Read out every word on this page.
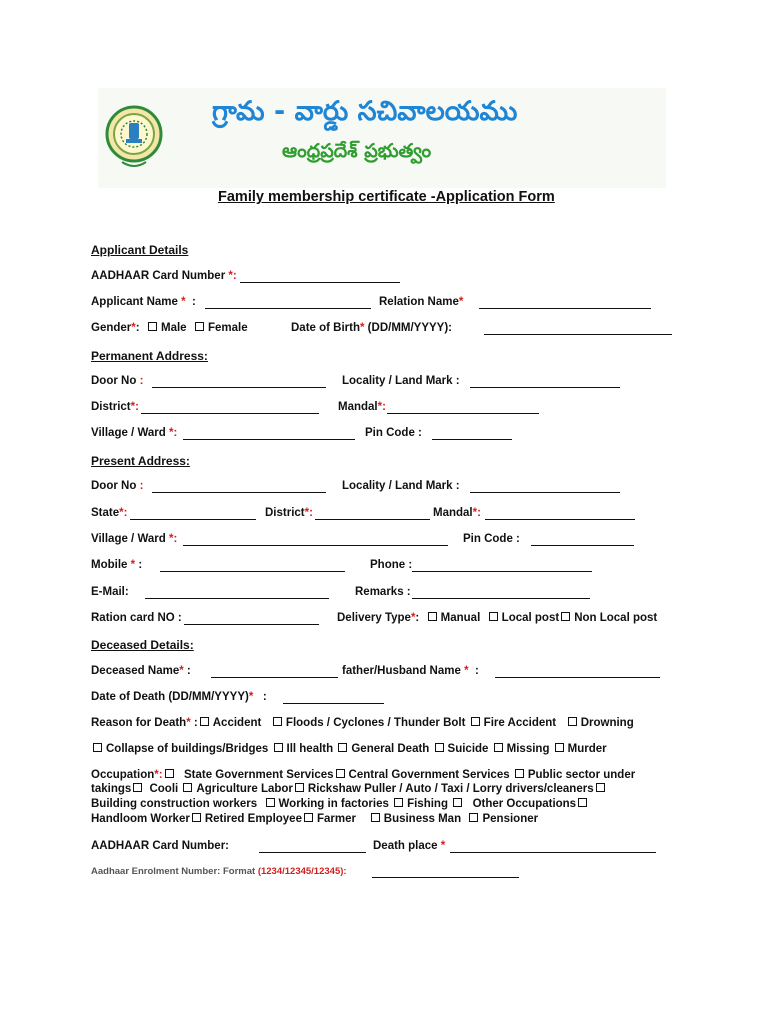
గ్రామ - వార్డు సచివాలయము
ఆంధ్రప్రదేశ్ ప్రభుత్వం
Family membership certificate -Application Form
Applicant Details
AADHAAR Card Number *:
Applicant Name * :	Relation Name*
Gender*: Male Female	Date of Birth* (DD/MM/YYYY):
Permanent Address:
Door No :	Locality / Land Mark :
District*:	Mandal*:
Village / Ward *:	Pin Code :
Present Address:
Door No :	Locality / Land Mark :
State*:	District*:	Mandal*:
Village / Ward *:	Pin Code :
Mobile * :	Phone :
E-Mail:	Remarks :
Ration card NO :	Delivery Type*: Manual Local post Non Local post
Deceased Details:
Deceased Name* :	father/Husband Name * :
Date of Death (DD/MM/YYYY)* :
Reason for Death* : Accident Floods / Cyclones / Thunder Bolt Fire Accident Drowning
Collapse of buildings/Bridges Ill health General Death Suicide Missing Murder
Occupation*: State Government Services Central Government Services Public sector under
takings Cooli Agriculture Labor Rickshaw Puller / Auto / Taxi / Lorry drivers/cleaners
Building construction workers Working in factories Fishing Other Occupations
Handloom Worker Retired Employee Farmer Business Man Pensioner
AADHAAR Card Number:	Death place *
Aadhaar Enrolment Number: Format (1234/12345/12345):
